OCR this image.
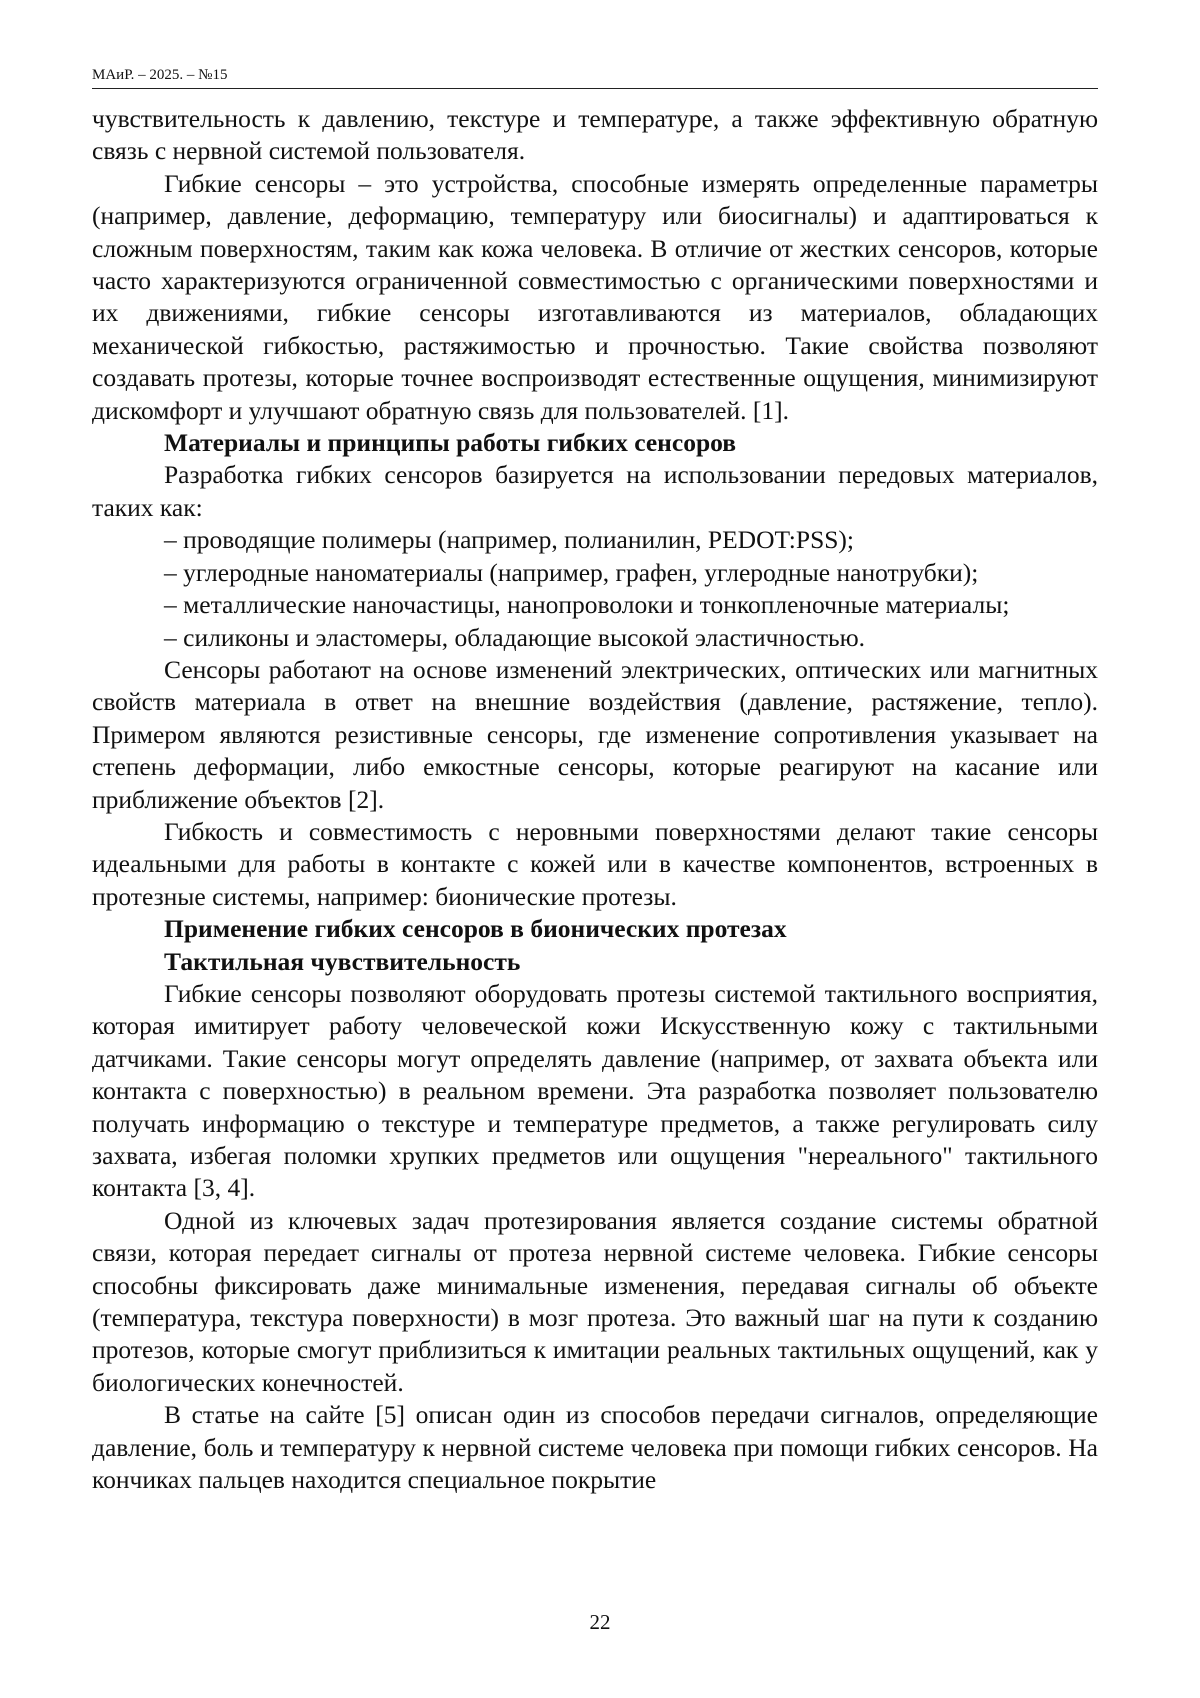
МАиР. – 2025. – №15

чувствительность к давлению, текстуре и температуре, а также эффективную обратную связь с нервной системой пользователя.

Гибкие сенсоры – это устройства, способные измерять определенные параметры (например, давление, деформацию, температуру или биосигналы) и адаптироваться к сложным поверхностям, таким как кожа человека. В отличие от жестких сенсоров, которые часто характеризуются ограниченной совместимостью с органическими поверхностями и их движениями, гибкие сенсоры изготавливаются из материалов, обладающих механической гибкостью, растяжимостью и прочностью. Такие свойства позволяют создавать протезы, которые точнее воспроизводят естественные ощущения, минимизируют дискомфорт и улучшают обратную связь для пользователей. [1].

Материалы и принципы работы гибких сенсоров

Разработка гибких сенсоров базируется на использовании передовых материалов, таких как:

– проводящие полимеры (например, полианилин, PEDOT:PSS);

– углеродные наноматериалы (например, графен, углеродные нанотрубки);

– металлические наночастицы, нанопроволоки и тонкопленочные материалы;

– силиконы и эластомеры, обладающие высокой эластичностью.

Сенсоры работают на основе изменений электрических, оптических или магнитных свойств материала в ответ на внешние воздействия (давление, растяжение, тепло). Примером являются резистивные сенсоры, где изменение сопротивления указывает на степень деформации, либо емкостные сенсоры, которые реагируют на касание или приближение объектов [2].

Гибкость и совместимость с неровными поверхностями делают такие сенсоры идеальными для работы в контакте с кожей или в качестве компонентов, встроенных в протезные системы, например: бионические протезы.

Применение гибких сенсоров в бионических протезах

Тактильная чувствительность

Гибкие сенсоры позволяют оборудовать протезы системой тактильного восприятия, которая имитирует работу человеческой кожи Искусственную кожу с тактильными датчиками. Такие сенсоры могут определять давление (например, от захвата объекта или контакта с поверхностью) в реальном времени. Эта разработка позволяет пользователю получать информацию о текстуре и температуре предметов, а также регулировать силу захвата, избегая поломки хрупких предметов или ощущения "нереального" тактильного контакта [3, 4].

Одной из ключевых задач протезирования является создание системы обратной связи, которая передает сигналы от протеза нервной системе человека. Гибкие сенсоры способны фиксировать даже минимальные изменения, передавая сигналы об объекте (температура, текстура поверхности) в мозг протеза. Это важный шаг на пути к созданию протезов, которые смогут приблизиться к имитации реальных тактильных ощущений, как у биологических конечностей.

В статье на сайте [5] описан один из способов передачи сигналов, определяющие давление, боль и температуру к нервной системе человека при помощи гибких сенсоров. На кончиках пальцев находится специальное покрытие

22
